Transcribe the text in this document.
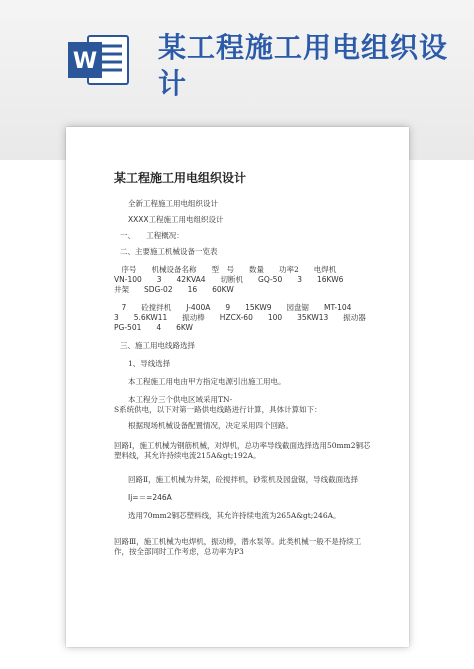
W 某工程施工用电组织设计
某工程施工用电组织设计
全新工程施工用电组织设计
XXXX工程施工用电组织设计
一、　　工程概况：
二、主要施工机械设备一览表
　序号　　机械设备名称　　型　号　　数量　　功率2　　电焊机
VN-100　　3　　42KVA4　　切断机　　GQ-50　　3　　16KW6
井架　　SDG-02　　16　　60KW
　7　　砼搅拌机　　J-400A　　9　　15KW9　　园盘锯　　MT-104
3　　5.6KW11　　振动棒　　HZCX-60　　100　　35KW13　　振动器
PG-501　　4　　6KW
三、施工用电线路选择
1、导线选择
本工程施工用电由甲方指定电源引出施工用电。
本工程分三个供电区域采用TN-
S系统供电，以下对第一路供电线路进行计算，具体计算如下：
根据现场机械设备配置情况，决定采用四个回路。
回路Ⅰ，施工机械为钢筋机械，对焊机，总功率导线截面选择选用50mm2铜芯塑料线，其允许持续电流215A&gt;192A。
回路Ⅱ，施工机械为井架，砼搅拌机，砂浆机及园盘锯，导线截面选择
Ij=＝=246A
选用70mm2铜芯塑料线，其允许持续电流为265A&gt;246A。
回路Ⅲ，施工机械为电焊机，振动棒，潜水泵等。此类机械一般不是持续工作，按全部同时工作考虑，总功率为P3
